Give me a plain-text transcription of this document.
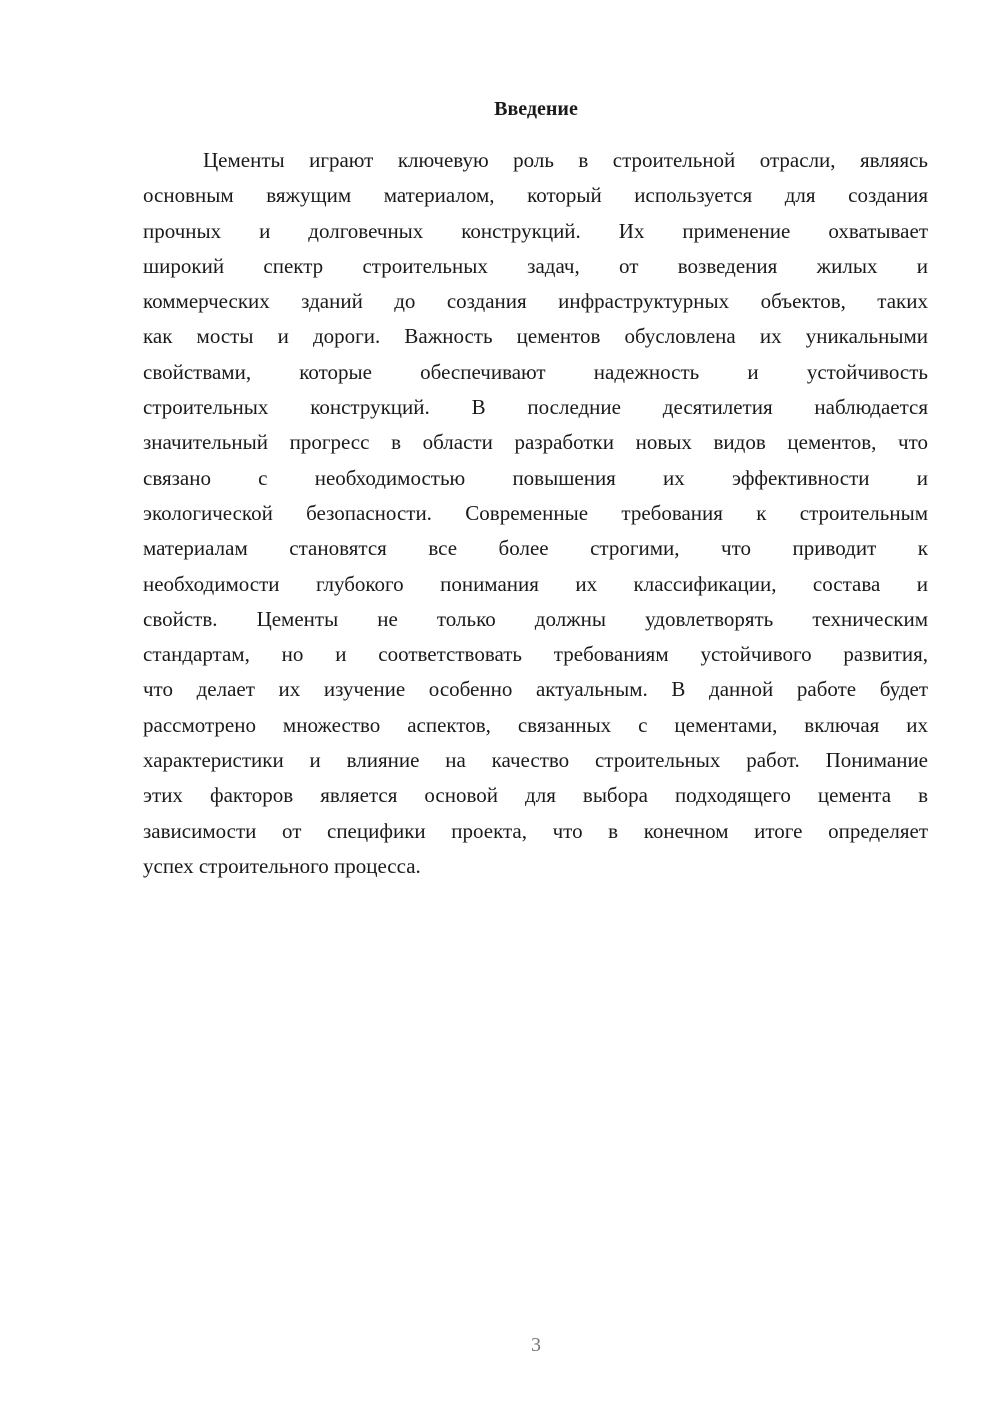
Введение
Цементы играют ключевую роль в строительной отрасли, являясь
основным вяжущим материалом, который используется для создания
прочных и долговечных конструкций. Их применение охватывает
широкий спектр строительных задач, от возведения жилых и
коммерческих зданий до создания инфраструктурных объектов, таких
как мосты и дороги. Важность цементов обусловлена их уникальными
свойствами, которые обеспечивают надежность и устойчивость
строительных конструкций. В последние десятилетия наблюдается
значительный прогресс в области разработки новых видов цементов, что
связано с необходимостью повышения их эффективности и
экологической безопасности. Современные требования к строительным
материалам становятся все более строгими, что приводит к
необходимости глубокого понимания их классификации, состава и
свойств. Цементы не только должны удовлетворять техническим
стандартам, но и соответствовать требованиям устойчивого развития,
что делает их изучение особенно актуальным. В данной работе будет
рассмотрено множество аспектов, связанных с цементами, включая их
характеристики и влияние на качество строительных работ. Понимание
этих факторов является основой для выбора подходящего цемента в
зависимости от специфики проекта, что в конечном итоге определяет
успех строительного процесса.
3
